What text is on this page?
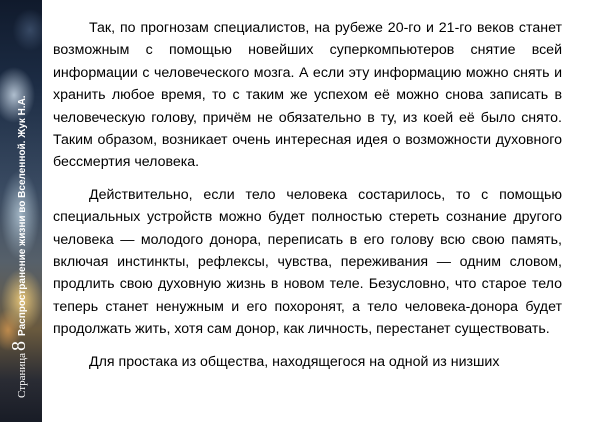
Страница
8
Распространение жизни во Вселенной. Жук Н.А.

Так, по прогнозам специалистов, на рубеже 20-го и 21-го веков станет возможным с помощью новейших суперкомпьютеров снятие всей информации с человеческого мозга. А если эту информацию можно снять и хранить любое время, то с таким же успехом её можно снова записать в человеческую голову, причём не обязательно в ту, из коей её было снято. Таким образом, возникает очень интересная идея о возможности духовного бессмертия человека.

Действительно, если тело человека состарилось, то с помощью специальных устройств можно будет полностью стереть сознание другого человека — молодого донора, переписать в его голову всю свою память, включая инстинкты, рефлексы, чувства, переживания — одним словом, продлить свою духовную жизнь в новом теле. Безусловно, что старое тело теперь станет ненужным и его похоронят, а тело человека-донора будет продолжать жить, хотя сам донор, как личность, перестанет существовать.

Для простака из общества, находящегося на одной из низших
